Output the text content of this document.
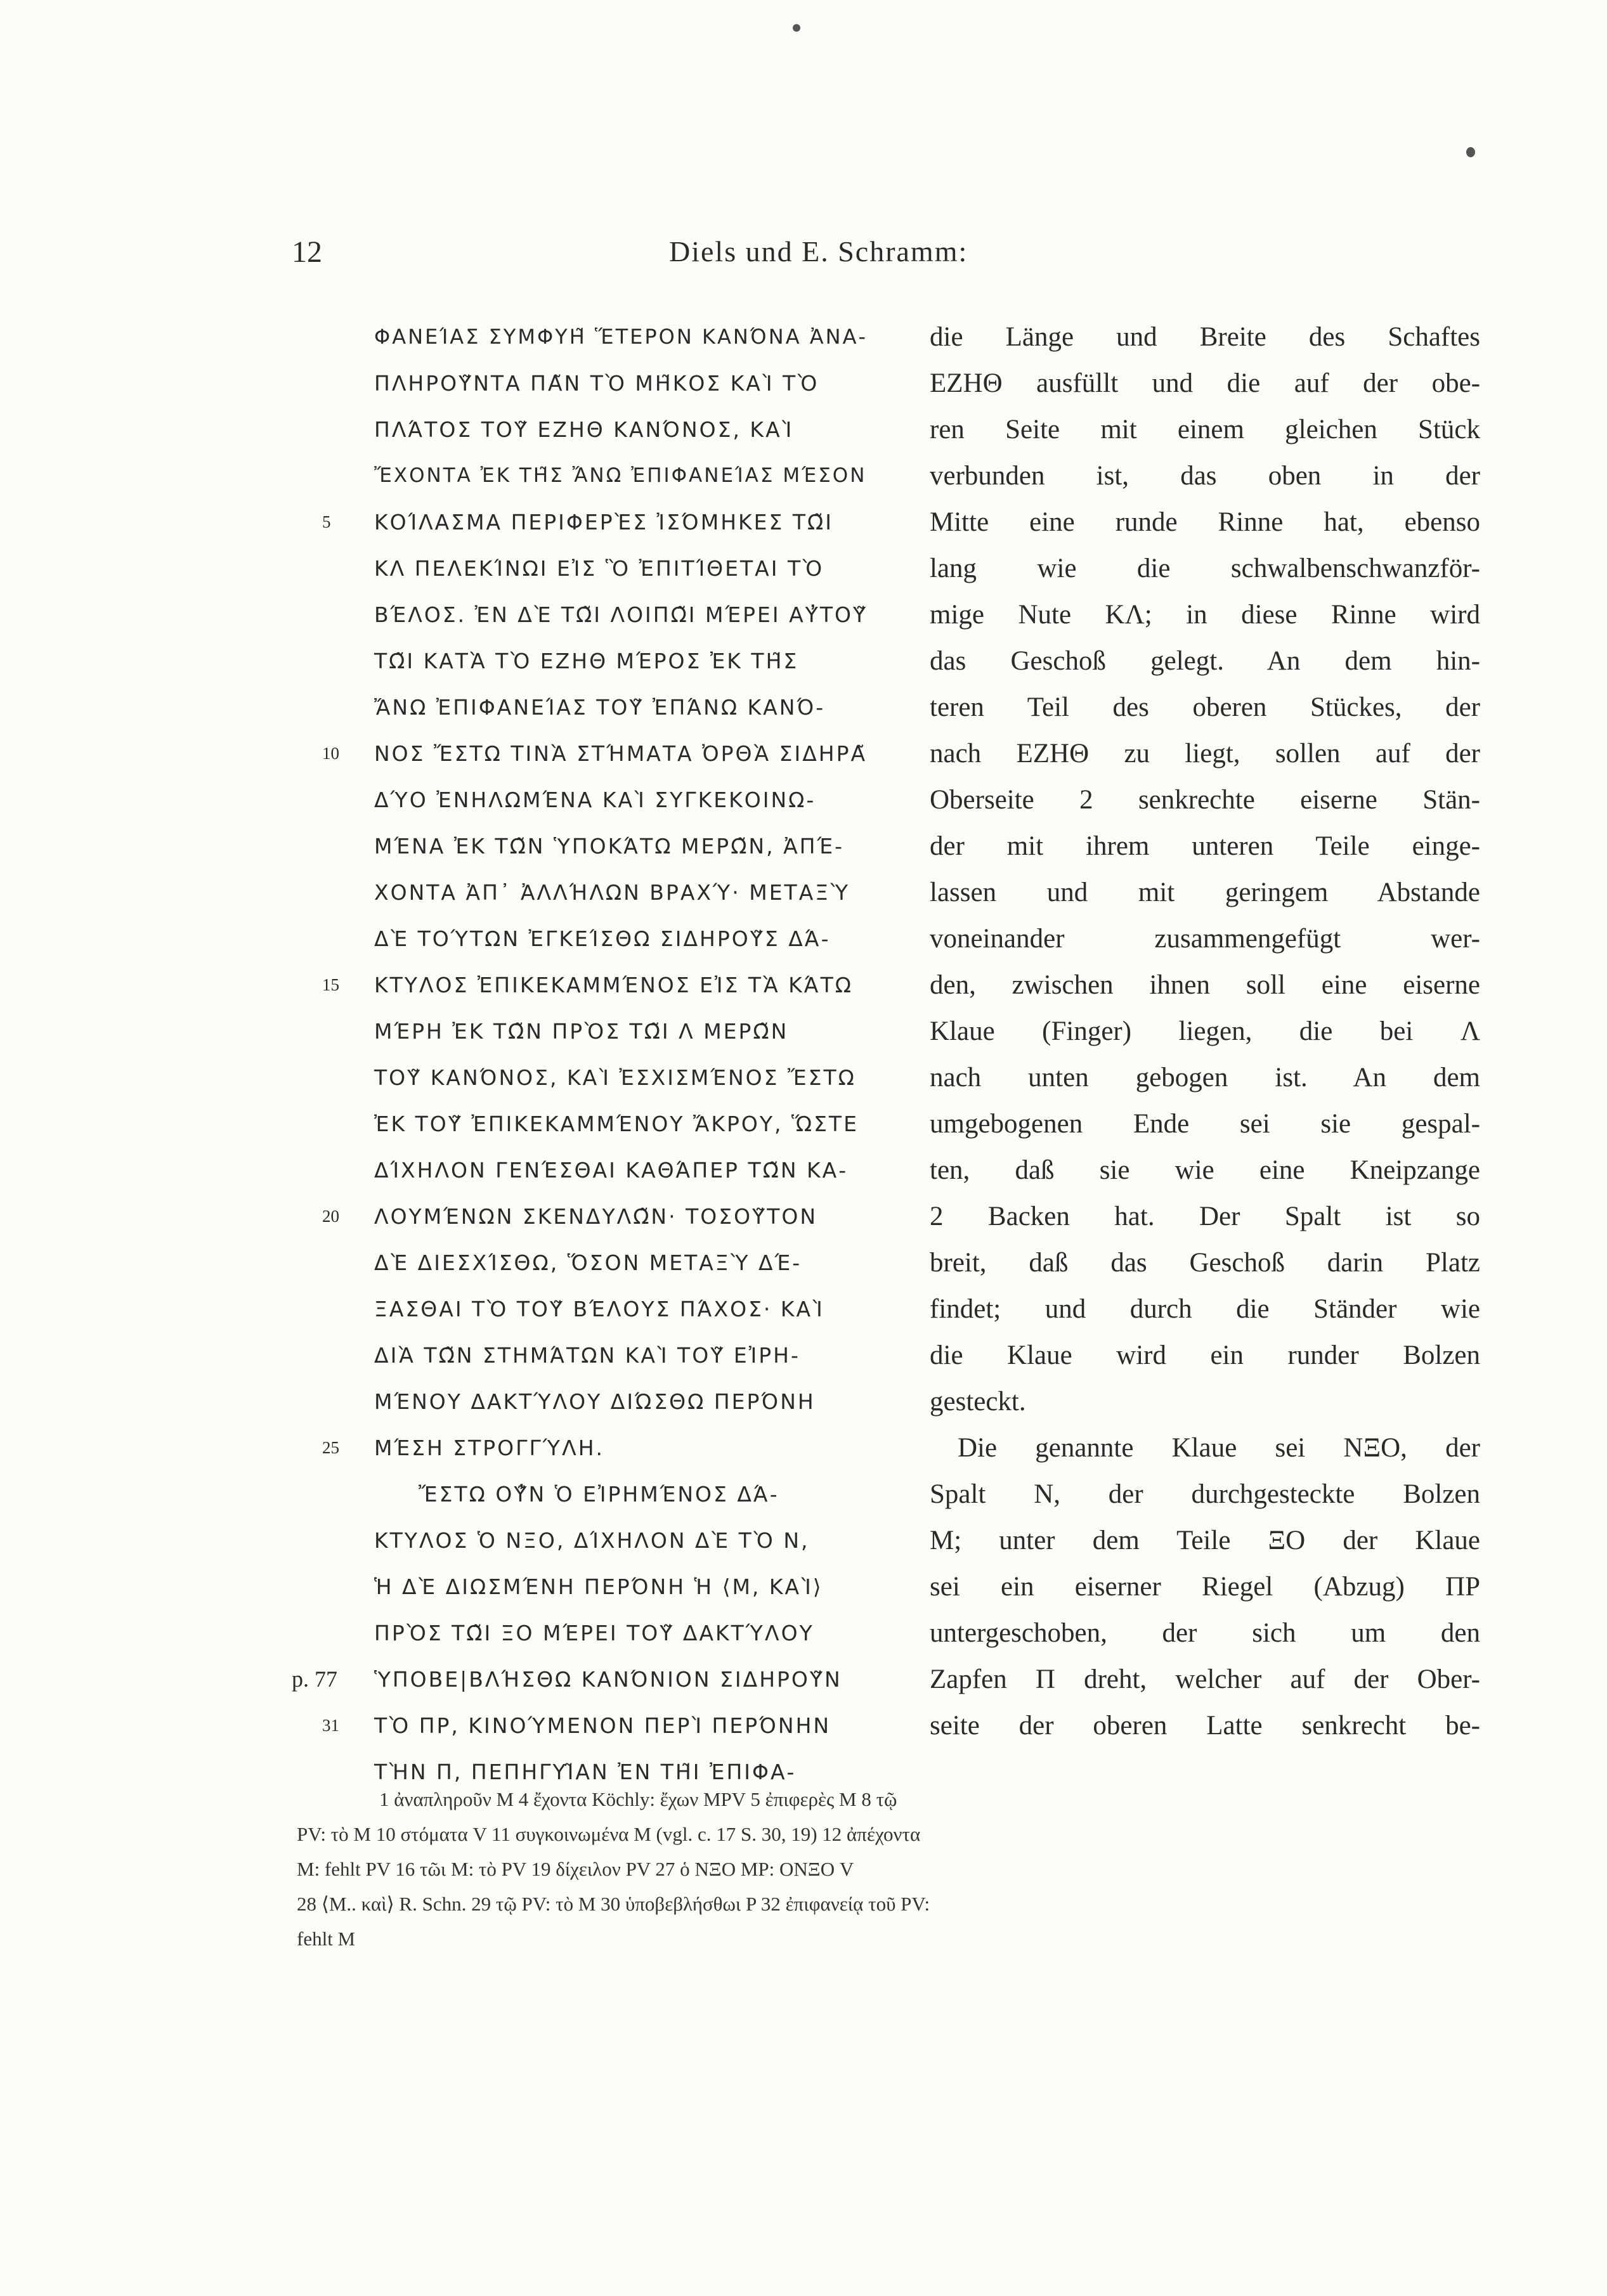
12	Diels und E. Schramm:
ΦΑΝΕΊΑΣ ΣΥΜΦΥΗ͂ ἝΤΕΡΟΝ ΚΑΝΌΝΑ ἈΝΑ-
ΠΛΗΡΟΥ͂ΝΤΑ ΠΑ͂Ν ΤῸ ΜΗ͂ΚΟΣ ΚΑῚ ΤῸ
ΠΛΆΤΟΣ ΤΟΥ͂ ΕΖΗΘ ΚΑΝΌΝΟΣ, ΚΑῚ
ἜΧΟΝΤΑ ἘΚ ΤΗ͂Σ ἌΝΩ ἘΠΙΦΑΝΕΊΑΣ ΜΈΣΟΝ
5	ΚΟΊΛΑΣΜΑ ΠΕΡΙΦΕΡῈΣ ἸΣΌΜΗΚΕΣ ΤΩ͂Ι
ΚΛ ΠΕΛΕΚΊΝΩΙ ΕἸΣ Ὃ ἘΠΙΤΊΘΕΤΑΙ ΤῸ
ΒΈΛΟΣ. ἘΝ ΔῈ ΤΩ͂Ι ΛΟΙΠΩ͂Ι ΜΈΡΕΙ ΑΥ̓ΤΟΥ͂
ΤΩ͂Ι ΚΑΤᾺ ΤῸ ΕΖΗΘ ΜΈΡΟΣ ἘΚ ΤΗ͂Σ
ἌΝΩ ἘΠΙΦΑΝΕΊΑΣ ΤΟΥ͂ ἘΠΆΝΩ ΚΑΝΌ-
10	ΝΟΣ ἜΣΤΩ ΤΙΝᾺ ΣΤΉΜΑΤΑ ὈΡΘᾺ ΣΙΔΗΡΑ͂
ΔΎΟ ἘΝΗΛΩΜΈΝΑ ΚΑῚ ΣΥΓΚΕΚΟΙΝΩ-
ΜΈΝΑ ἘΚ ΤΩ͂Ν ὙΠΟΚΆΤΩ ΜΕΡΩ͂Ν, ἈΠΈ-
ΧΟΝΤΑ ἈΠ᾿ ἈΛΛΉΛΩΝ ΒΡΑΧΎ· ΜΕΤΑΞῪ
ΔῈ ΤΟΎΤΩΝ ἘΓΚΕΊΣΘΩ ΣΙΔΗΡΟΥ͂Σ ΔΆ-
15	ΚΤΥΛΟΣ ἘΠΙΚΕΚΑΜΜΈΝΟΣ ΕἸΣ ΤᾺ ΚΆΤΩ
ΜΈΡΗ ἘΚ ΤΩ͂Ν ΠΡῸΣ ΤΩ͂Ι Λ ΜΕΡΩ͂Ν
ΤΟΥ͂ ΚΑΝΌΝΟΣ, ΚΑῚ ἘΣΧΙΣΜΈΝΟΣ ἜΣΤΩ
ἘΚ ΤΟΥ͂ ἘΠΙΚΕΚΑΜΜΈΝΟΥ ἌΚΡΟΥ, ὭΣΤΕ
ΔΊΧΗΛΟΝ ΓΕΝΈΣΘΑΙ ΚΑΘΆΠΕΡ ΤΩ͂Ν ΚΑ-
20	ΛΟΥΜΈΝΩΝ ΣΚΕΝΔΥΛΩ͂Ν· ΤΟΣΟΥ͂ΤΟΝ
ΔῈ ΔΙΕΣΧΊΣΘΩ, ὍΣΟΝ ΜΕΤΑΞῪ ΔΈ-
ΞΑΣΘΑΙ ΤῸ ΤΟΥ͂ ΒΈΛΟΥΣ ΠΆΧΟΣ· ΚΑῚ
ΔΙᾺ ΤΩ͂Ν ΣΤΗΜΆΤΩΝ ΚΑῚ ΤΟΥ͂ ΕἸΡΗ-
ΜΈΝΟΥ ΔΑΚΤΎΛΟΥ ΔΙΏΣΘΩ ΠΕΡΌΝΗ
25	ΜΈΣΗ ΣΤΡΟΓΓΎΛΗ.
ἜΣΤΩ ΟΥ̓͂Ν Ὁ ΕἸΡΗΜΈΝΟΣ ΔΆ-
ΚΤΥΛΟΣ Ὁ ΝΞΟ, ΔΊΧΗΛΟΝ ΔῈ ΤῸ Ν,
Ἡ ΔῈ ΔΙΩΣΜΈΝΗ ΠΕΡΌΝΗ Ἡ ⟨Μ, ΚΑῚ⟩
ΠΡῸΣ ΤΩ͂Ι ΞΟ ΜΈΡΕΙ ΤΟΥ͂ ΔΑΚΤΎΛΟΥ
p. 77 ὙΠΟΒΕ|ΒΛΉΣΘΩ ΚΑΝΌΝΙΟΝ ΣΙΔΗΡΟΥ͂Ν
31	ΤῸ ΠΡ, ΚΙΝΟΎΜΕΝΟΝ ΠΕΡῚ ΠΕΡΌΝΗΝ
ΤῊΝ Π, ΠΕΠΗΓΥΙ͂ΑΝ ἘΝ ΤΗ͂Ι ἘΠΙΦΑ-
die Länge und Breite des Schaftes
ΕΖΗΘ ausfüllt und die auf der obe-
ren Seite mit einem gleichen Stück
verbunden ist, das oben in der
Mitte eine runde Rinne hat, ebenso
lang wie die schwalbenschwanzför-
mige Nute ΚΛ; in diese Rinne wird
das Geschoß gelegt. An dem hin-
teren Teil des oberen Stückes, der
nach ΕΖΗΘ zu liegt, sollen auf der
Oberseite 2 senkrechte eiserne Stän-
der mit ihrem unteren Teile einge-
lassen und mit geringem Abstande
voneinander zusammengefügt wer-
den, zwischen ihnen soll eine eiserne
Klaue (Finger) liegen, die bei Λ
nach unten gebogen ist. An dem
umgebogenen Ende sei sie gespal-
ten, daß sie wie eine Kneipzange
2 Backen hat. Der Spalt ist so
breit, daß das Geschoß darin Platz
findet; und durch die Ständer wie
die Klaue wird ein runder Bolzen
gesteckt.
Die genannte Klaue sei ΝΞΟ, der
Spalt Ν, der durchgesteckte Bolzen
Μ; unter dem Teile ΞΟ der Klaue
sei ein eiserner Riegel (Abzug) ΠΡ
untergeschoben, der sich um den
Zapfen Π dreht, welcher auf der Ober-
seite der oberen Latte senkrecht be-
1 ἀναπληροῦν M 4 ἔχοντα Köchly: ἔχων MPV 5 ἐπιφερὲς M 8 τῷ
PV: τὸ M 10 στόματα V 11 συγκοινωμένα M (vgl. c. 17 S. 30, 19) 12 ἀπέχοντα
M: fehlt PV 16 τῶι M: τὸ PV 19 δίχειλον PV 27 ὁ ΝΞΟ MP: ΟΝΞΟ V
28 ⟨Μ.. καὶ⟩ R. Schn. 29 τῷ PV: τὸ M 30 ὑποβεβλήσθωι P 32 ἐπιφανείᾳ τοῦ PV:
fehlt M
